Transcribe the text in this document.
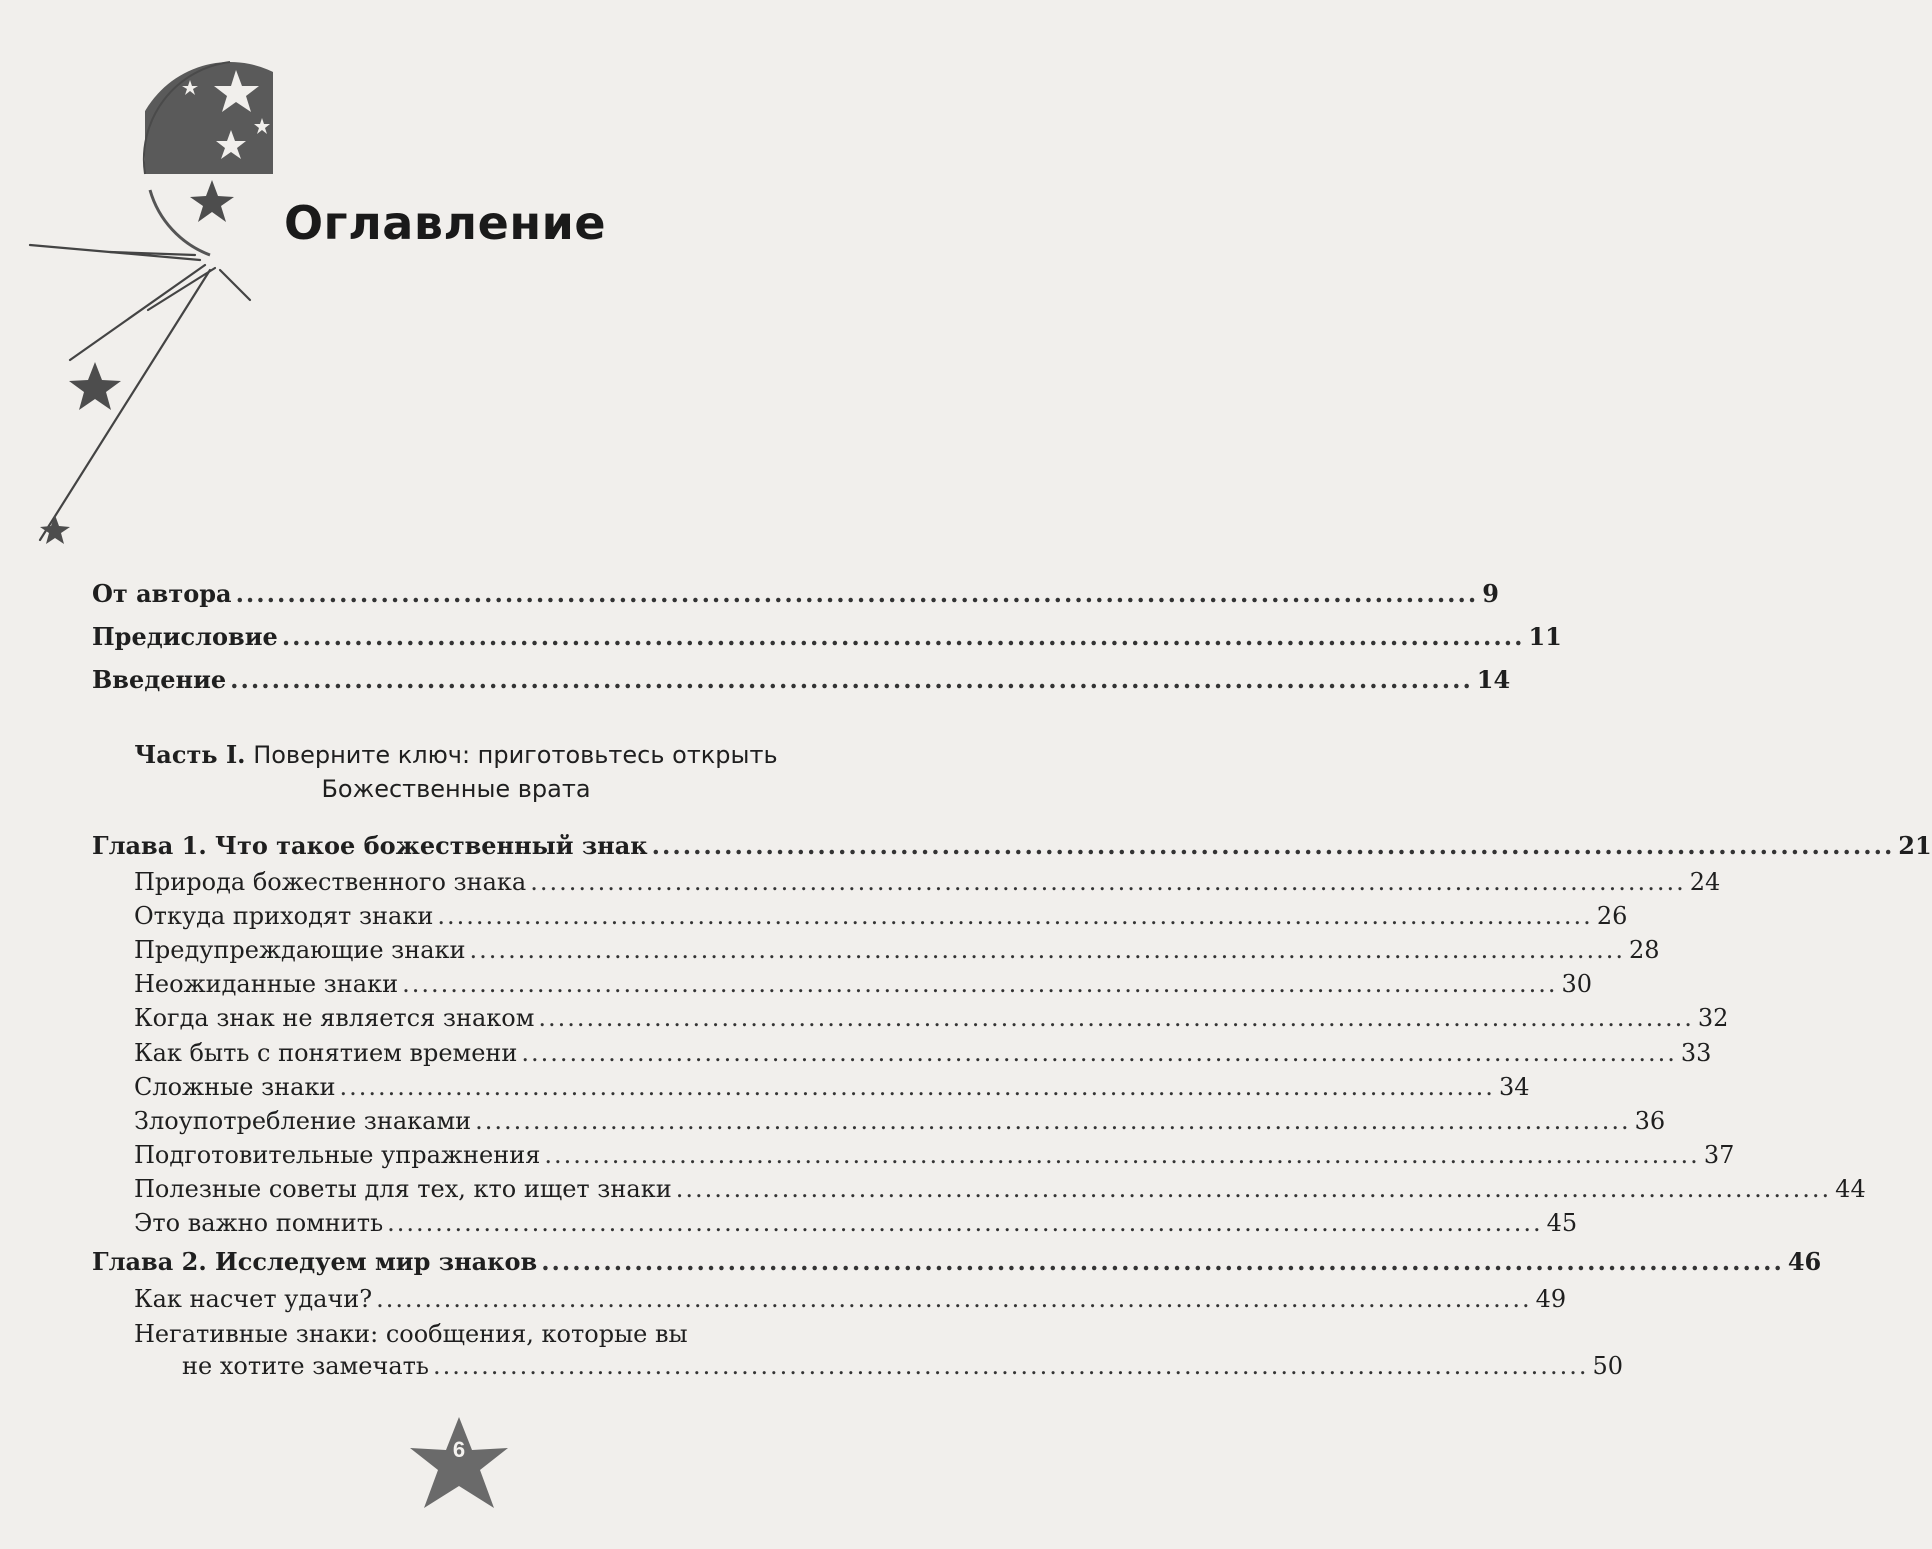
Оглавление
От автора ........................................................................................................................ 9
Предисловие ........................................................................................................................ 11
Введение ........................................................................................................................ 14
Часть I. Поверните ключ: приготовьтесь открыть
Божественные врата
Глава 1. Что такое божественный знак ........................................................................................................................ 21
Природа божественного знака ........................................................................................................................ 24
Откуда приходят знаки ........................................................................................................................ 26
Предупреждающие знаки ........................................................................................................................ 28
Неожиданные знаки ........................................................................................................................ 30
Когда знак не является знаком ........................................................................................................................ 32
Как быть с понятием времени ........................................................................................................................ 33
Сложные знаки ........................................................................................................................ 34
Злоупотребление знаками ........................................................................................................................ 36
Подготовительные упражнения ........................................................................................................................ 37
Полезные советы для тех, кто ищет знаки ........................................................................................................................ 44
Это важно помнить ........................................................................................................................ 45
Глава 2. Исследуем мир знаков ........................................................................................................................ 46
Как насчет удачи? ........................................................................................................................ 49
Негативные знаки: сообщения, которые вы
не хотите замечать ........................................................................................................................ 50
6
